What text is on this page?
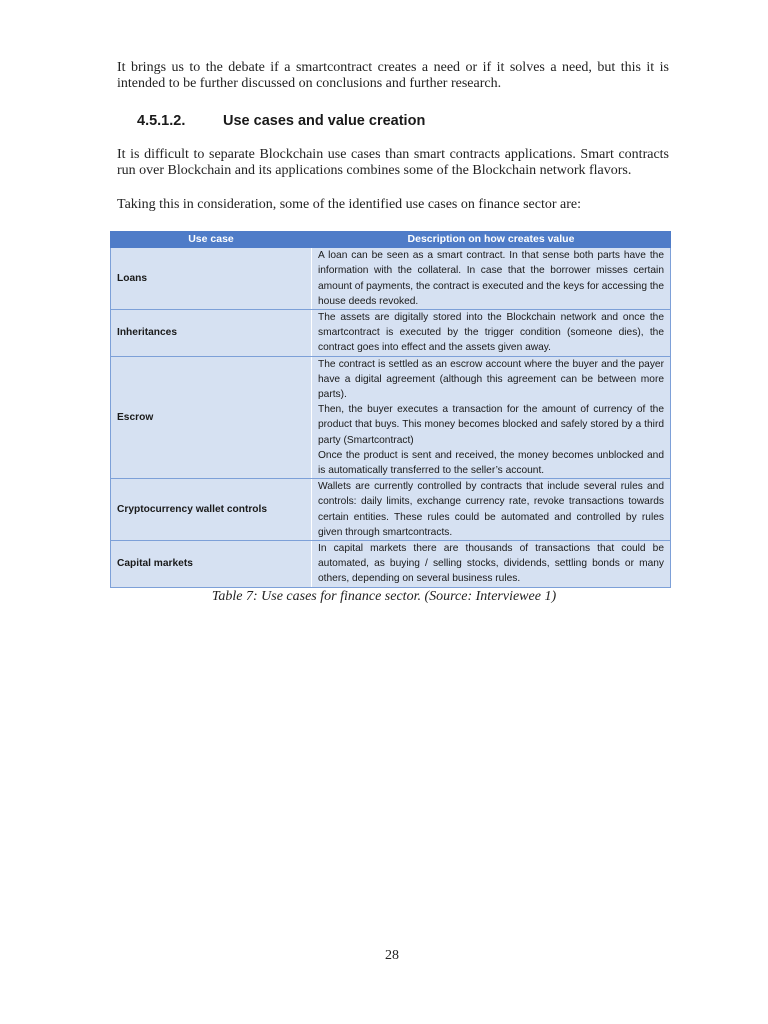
It brings us to the debate if a smartcontract creates a need or if it solves a need, but this it is intended to be further discussed on conclusions and further research.

4.5.1.2.	Use cases and value creation

It is difficult to separate Blockchain use cases than smart contracts applications. Smart contracts run over Blockchain and its applications combines some of the Blockchain network flavors.

Taking this in consideration, some of the identified use cases on finance sector are:

Use case	Description on how creates value
Loans	A loan can be seen as a smart contract. In that sense both parts have the information with the collateral. In case that the borrower misses certain amount of payments, the contract is executed and the keys for accessing the house deeds revoked.

Inheritances	The assets are digitally stored into the Blockchain network and once the smartcontract is executed by the trigger condition (someone dies), the contract goes into effect and the assets given away.

Escrow	The contract is settled as an escrow account where the buyer and the payer have a digital agreement (although this agreement can be between more parts).
Then, the buyer executes a transaction for the amount of currency of the product that buys. This money becomes blocked and safely stored by a third party (Smartcontract)
Once the product is sent and received, the money becomes unblocked and is automatically transferred to the seller’s account.

Cryptocurrency wallet controls	Wallets are currently controlled by contracts that include several rules and controls: daily limits, exchange currency rate, revoke transactions towards certain entities. These rules could be automated and controlled by rules given through smartcontracts.

Capital markets	In capital markets there are thousands of transactions that could be automated, as buying / selling stocks, dividends, settling bonds or many others, depending on several business rules.
Table 7: Use cases for finance sector. (Source: Interviewee 1)
28
